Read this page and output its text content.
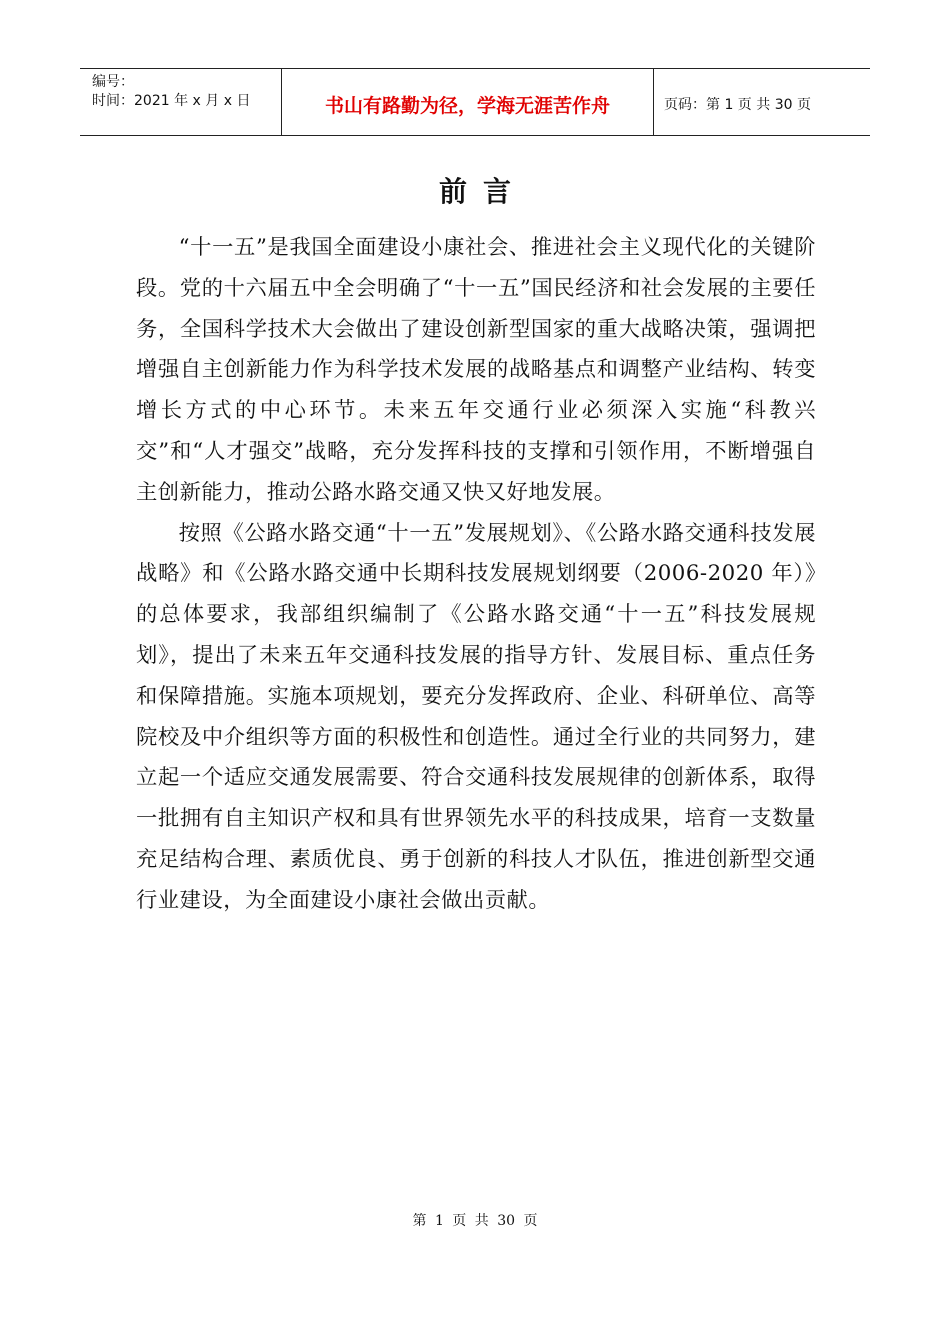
编号：
时间：2021 年 x 月 x 日	书山有路勤为径，学海无涯苦作舟	页码：第 1 页 共 30 页
前言

“十一五”是我国全面建设小康社会、推进社会主义现代化的关键阶段。党的十六届五中全会明确了“十一五”国民经济和社会发展的主要任务，全国科学技术大会做出了建设创新型国家的重大战略决策，强调把增强自主创新能力作为科学技术发展的战略基点和调整产业结构、转变增长方式的中心环节。未来五年交通行业必须深入实施“科教兴交”和“人才强交”战略，充分发挥科技的支撑和引领作用，不断增强自主创新能力，推动公路水路交通又快又好地发展。

按照《公路水路交通“十一五”发展规划》、《公路水路交通科技发展战略》和《公路水路交通中长期科技发展规划纲要（2006-2020 年）》的总体要求，我部组织编制了《公路水路交通“十一五”科技发展规划》，提出了未来五年交通科技发展的指导方针、发展目标、重点任务和保障措施。实施本项规划，要充分发挥政府、企业、科研单位、高等院校及中介组织等方面的积极性和创造性。通过全行业的共同努力，建立起一个适应交通发展需要、符合交通科技发展规律的创新体系，取得一批拥有自主知识产权和具有世界领先水平的科技成果，培育一支数量充足结构合理、素质优良、勇于创新的科技人才队伍，推进创新型交通行业建设，为全面建设小康社会做出贡献。

第 1 页 共 30 页
